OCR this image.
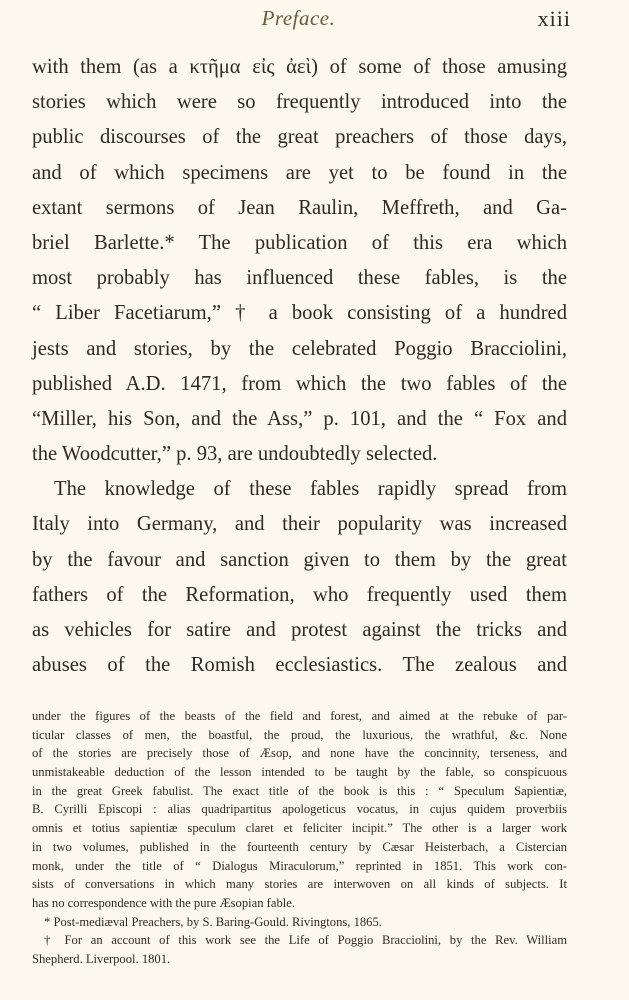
Preface.	xiii
with them (as a κτῆμα εἰς ἀεὶ) of some of those amusing
stories which were so frequently introduced into the
public discourses of the great preachers of those days,
and of which specimens are yet to be found in the
extant sermons of Jean Raulin, Meffreth, and Ga-
briel Barlette.* The publication of this era which
most probably has influenced these fables, is the
“ Liber Facetiarum,” † a book consisting of a hundred
jests and stories, by the celebrated Poggio Bracciolini,
published A.D. 1471, from which the two fables of the
“Miller, his Son, and the Ass,” p. 101, and the “ Fox and
the Woodcutter,” p. 93, are undoubtedly selected.
The knowledge of these fables rapidly spread from
Italy into Germany, and their popularity was increased
by the favour and sanction given to them by the great
fathers of the Reformation, who frequently used them
as vehicles for satire and protest against the tricks and
abuses of the Romish ecclesiastics. The zealous and
under the figures of the beasts of the field and forest, and aimed at the rebuke of par-
ticular classes of men, the boastful, the proud, the luxurious, the wrathful, &c. None
of the stories are precisely those of Æsop, and none have the concinnity, terseness, and
unmistakeable deduction of the lesson intended to be taught by the fable, so conspicuous
in the great Greek fabulist. The exact title of the book is this : “ Speculum Sapientiæ,
B. Cyrilli Episcopi : alias quadripartitus apologeticus vocatus, in cujus quidem proverbiis
omnis et totius sapientiæ speculum claret et feliciter incipit.” The other is a larger work
in two volumes, published in the fourteenth century by Cæsar Heisterbach, a Cistercian
monk, under the title of “ Dialogus Miraculorum,” reprinted in 1851. This work con-
sists of conversations in which many stories are interwoven on all kinds of subjects. It
has no correspondence with the pure Æsopian fable.
* Post-mediæval Preachers, by S. Baring-Gould. Rivingtons, 1865.
† For an account of this work see the Life of Poggio Bracciolini, by the Rev. William
Shepherd. Liverpool. 1801.
